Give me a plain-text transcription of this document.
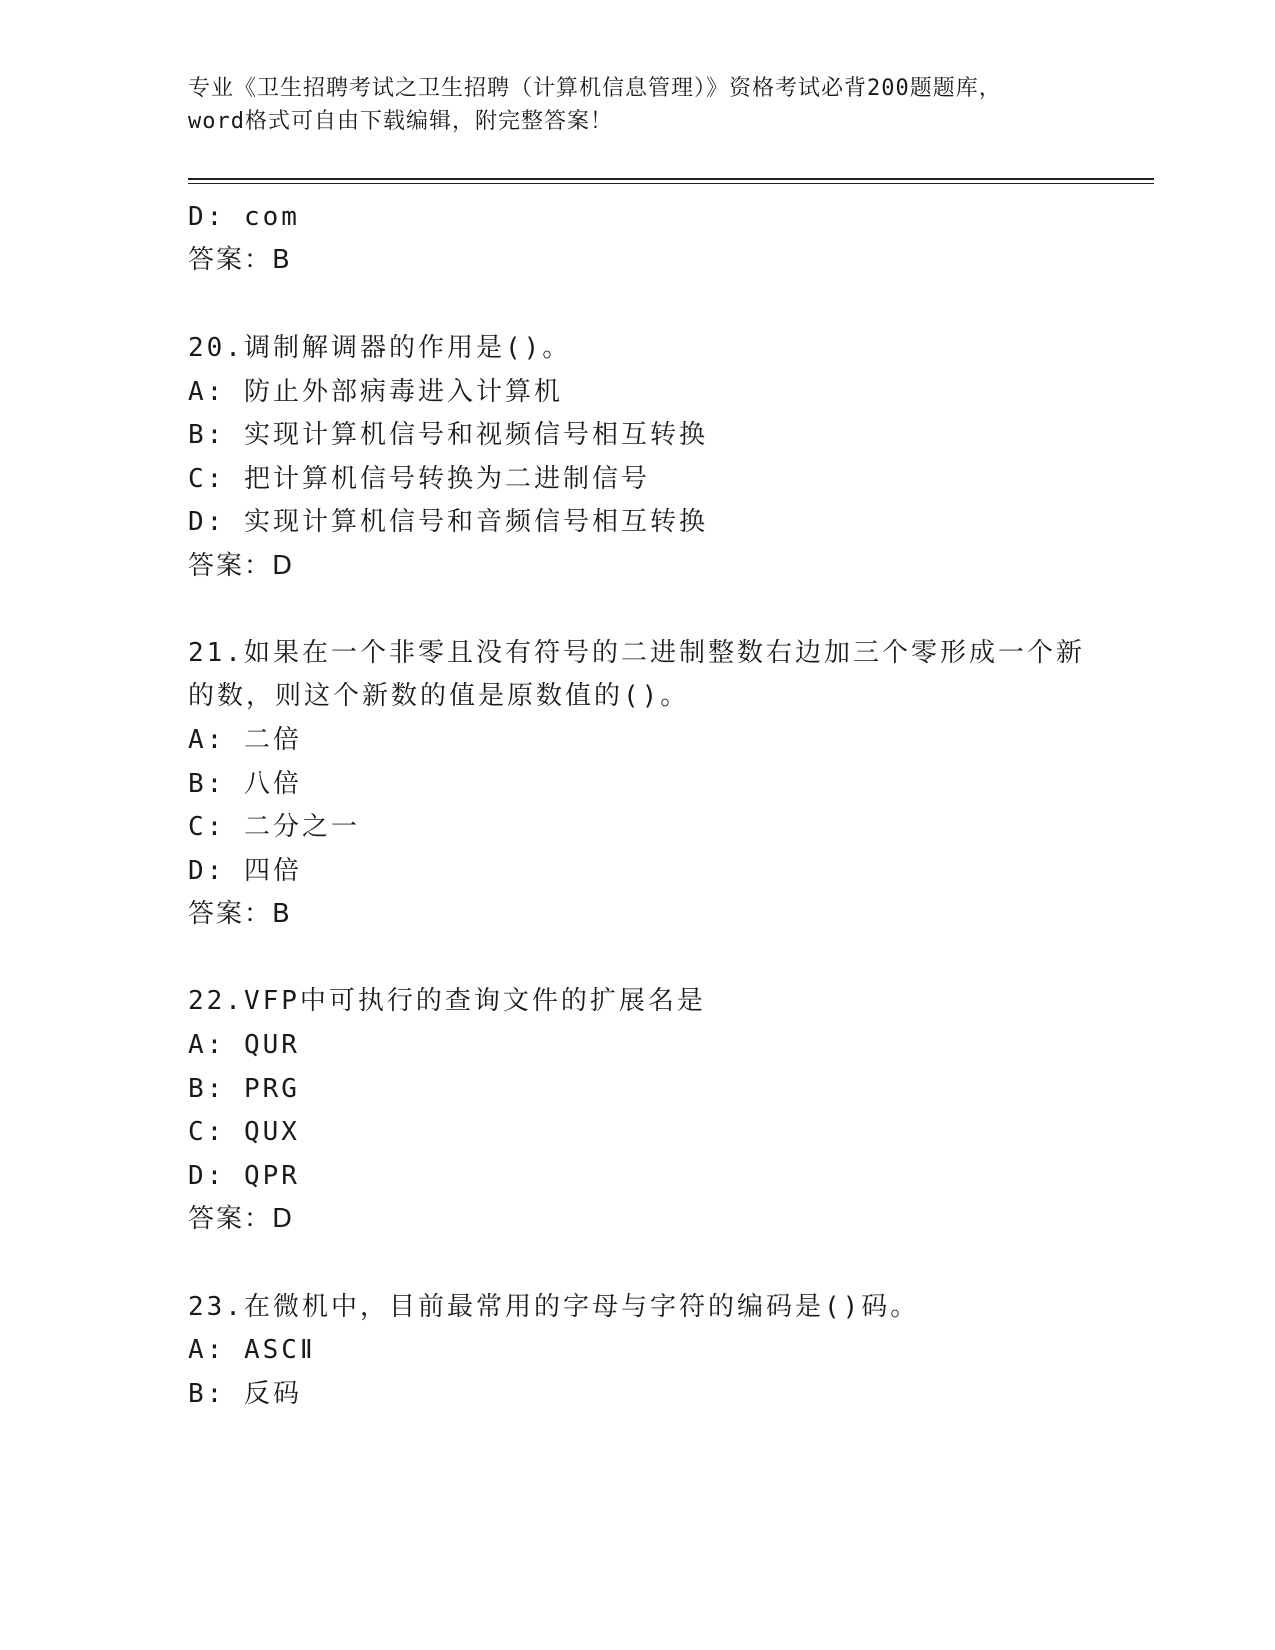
专业《卫生招聘考试之卫生招聘（计算机信息管理）》资格考试必背200题题库，
word格式可自由下载编辑，附完整答案！
D: com
答案：B
20.调制解调器的作用是()。
A: 防止外部病毒进入计算机
B: 实现计算机信号和视频信号相互转换
C: 把计算机信号转换为二进制信号
D: 实现计算机信号和音频信号相互转换
答案：D
21.如果在一个非零且没有符号的二进制整数右边加三个零形成一个新
的数，则这个新数的值是原数值的()。
A: 二倍
B: 八倍
C: 二分之一
D: 四倍
答案：B
22.VFP中可执行的查询文件的扩展名是
A: QUR
B: PRG
C: QUX
D: QPR
答案：D
23.在微机中，目前最常用的字母与字符的编码是()码。
A: ASCⅡ
B: 反码
